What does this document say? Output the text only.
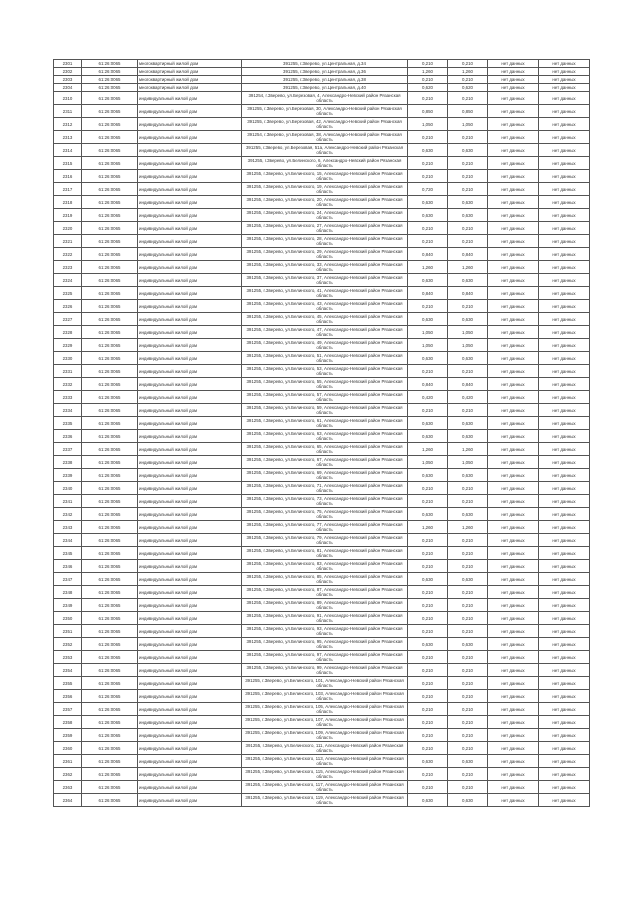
2301	61:26:0065	многоквартирный жилой дом	391255, г.Зверево, ул.Центральная, д.34	0,210	0,210	нет данных	нет данных
2302	61:26:0065	многоквартирный жилой дом	391255, г.Зверево, ул.Центральная, д.36	1,260	1,260	нет данных	нет данных
2303	61:26:0065	многоквартирный жилой дом	391255, г.Зверево, ул.Центральная, д.38	0,210	0,210	нет данных	нет данных
2304	61:26:0065	многоквартирный жилой дом	391255, г.Зверево, ул.Центральная, д.40	0,620	0,620	нет данных	нет данных
2310	61:26:0065	индивидуальный жилой дом	391254, г.Зверево, ул.Березовая, 4, Александро-Невский район Рязанская область	0,210	0,210	нет данных	нет данных
2311	61:26:0065	индивидуальный жилой дом	391255, г.Зверево, ул.Березовая, 30, Александро-Невский район Рязанская область	0,850	0,850	нет данных	нет данных
2312	61:26:0065	индивидуальный жилой дом	391255, г.Зверево, ул.Березовая, 42, Александро-Невский район Рязанская область	1,050	1,050	нет данных	нет данных
2313	61:26:0065	индивидуальный жилой дом	391254, г.Зверево, ул.Березовая, 38, Александро-Невский район Рязанская область	0,210	0,210	нет данных	нет данных
2314	61:26:0065	индивидуальный жилой дом	391255, г.Зверево, ул.Березовая, 51а, Александро-Невский район Рязанская область	0,630	0,630	нет данных	нет данных
2315	61:26:0065	индивидуальный жилой дом	391255, г.Зверево, ул.Белинского, 6, Александро-Невский район Рязанская область	0,210	0,210	нет данных	нет данных
2316	61:26:0065	индивидуальный жилой дом	391255, г.Зверево, ул.Белинского, 15, Александро-Невский район Рязанская область	0,210	0,210	нет данных	нет данных
2317	61:26:0065	индивидуальный жилой дом	391255, г.Зверево, ул.Белинского, 19, Александро-Невский район Рязанская область	0,720	0,210	нет данных	нет данных
2318	61:26:0065	индивидуальный жилой дом	391255, г.Зверево, ул.Белинского, 20, Александро-Невский район Рязанская область	0,630	0,630	нет данных	нет данных
2319	61:26:0065	индивидуальный жилой дом	391255, г.Зверево, ул.Белинского, 24, Александро-Невский район Рязанская область	0,630	0,630	нет данных	нет данных
2320	61:26:0065	индивидуальный жилой дом	391255, г.Зверево, ул.Белинского, 27, Александро-Невский район Рязанская область	0,210	0,210	нет данных	нет данных
2321	61:26:0065	индивидуальный жилой дом	391255, г.Зверево, ул.Белинского, 28, Александро-Невский район Рязанская область	0,210	0,210	нет данных	нет данных
2322	61:26:0065	индивидуальный жилой дом	391255, г.Зверево, ул.Белинского, 29, Александро-Невский район Рязанская область	0,840	0,840	нет данных	нет данных
2323	61:26:0065	индивидуальный жилой дом	391255, г.Зверево, ул.Белинского, 33, Александро-Невский район Рязанская область	1,260	1,260	нет данных	нет данных
2324	61:26:0065	индивидуальный жилой дом	391255, г.Зверево, ул.Белинского, 37, Александро-Невский район Рязанская область	0,630	0,630	нет данных	нет данных
2325	61:26:0065	индивидуальный жилой дом	391255, г.Зверево, ул.Белинского, 41, Александро-Невский район Рязанская область	0,840	0,840	нет данных	нет данных
2326	61:26:0065	индивидуальный жилой дом	391255, г.Зверево, ул.Белинского, 43, Александро-Невский район Рязанская область	0,210	0,210	нет данных	нет данных
2327	61:26:0065	индивидуальный жилой дом	391255, г.Зверево, ул.Белинского, 45, Александро-Невский район Рязанская область	0,630	0,630	нет данных	нет данных
2328	61:26:0065	индивидуальный жилой дом	391255, г.Зверево, ул.Белинского, 47, Александро-Невский район Рязанская область	1,050	1,050	нет данных	нет данных
2329	61:26:0065	индивидуальный жилой дом	391255, г.Зверево, ул.Белинского, 49, Александро-Невский район Рязанская область	1,050	1,050	нет данных	нет данных
2330	61:26:0065	индивидуальный жилой дом	391255, г.Зверево, ул.Белинского, 51, Александро-Невский район Рязанская область	0,630	0,630	нет данных	нет данных
2331	61:26:0065	индивидуальный жилой дом	391255, г.Зверево, ул.Белинского, 53, Александро-Невский район Рязанская область	0,210	0,210	нет данных	нет данных
2332	61:26:0065	индивидуальный жилой дом	391255, г.Зверево, ул.Белинского, 55, Александро-Невский район Рязанская область	0,840	0,840	нет данных	нет данных
2333	61:26:0065	индивидуальный жилой дом	391255, г.Зверево, ул.Белинского, 57, Александро-Невский район Рязанская область	0,420	0,420	нет данных	нет данных
2334	61:26:0065	индивидуальный жилой дом	391255, г.Зверево, ул.Белинского, 59, Александро-Невский район Рязанская область	0,210	0,210	нет данных	нет данных
2335	61:26:0065	индивидуальный жилой дом	391255, г.Зверево, ул.Белинского, 61, Александро-Невский район Рязанская область	0,630	0,630	нет данных	нет данных
2336	61:26:0065	индивидуальный жилой дом	391255, г.Зверево, ул.Белинского, 63, Александро-Невский район Рязанская область	0,630	0,630	нет данных	нет данных
2337	61:26:0065	индивидуальный жилой дом	391255, г.Зверево, ул.Белинского, 65, Александро-Невский район Рязанская область	1,260	1,260	нет данных	нет данных
2338	61:26:0065	индивидуальный жилой дом	391255, г.Зверево, ул.Белинского, 67, Александро-Невский район Рязанская область	1,050	1,050	нет данных	нет данных
2339	61:26:0065	индивидуальный жилой дом	391255, г.Зверево, ул.Белинского, 69, Александро-Невский район Рязанская область	0,630	0,630	нет данных	нет данных
2340	61:26:0065	индивидуальный жилой дом	391255, г.Зверево, ул.Белинского, 71, Александро-Невский район Рязанская область	0,210	0,210	нет данных	нет данных
2341	61:26:0065	индивидуальный жилой дом	391255, г.Зверево, ул.Белинского, 73, Александро-Невский район Рязанская область	0,210	0,210	нет данных	нет данных
2342	61:26:0065	индивидуальный жилой дом	391255, г.Зверево, ул.Белинского, 75, Александро-Невский район Рязанская область	0,630	0,630	нет данных	нет данных
2343	61:26:0065	индивидуальный жилой дом	391255, г.Зверево, ул.Белинского, 77, Александро-Невский район Рязанская область	1,260	1,260	нет данных	нет данных
2344	61:26:0065	индивидуальный жилой дом	391255, г.Зверево, ул.Белинского, 79, Александро-Невский район Рязанская область	0,210	0,210	нет данных	нет данных
2345	61:26:0065	индивидуальный жилой дом	391255, г.Зверево, ул.Белинского, 81, Александро-Невский район Рязанская область	0,210	0,210	нет данных	нет данных
2346	61:26:0065	индивидуальный жилой дом	391255, г.Зверево, ул.Белинского, 83, Александро-Невский район Рязанская область	0,210	0,210	нет данных	нет данных
2347	61:26:0065	индивидуальный жилой дом	391255, г.Зверево, ул.Белинского, 85, Александро-Невский район Рязанская область	0,630	0,630	нет данных	нет данных
2348	61:26:0065	индивидуальный жилой дом	391255, г.Зверево, ул.Белинского, 87, Александро-Невский район Рязанская область	0,210	0,210	нет данных	нет данных
2349	61:26:0065	индивидуальный жилой дом	391255, г.Зверево, ул.Белинского, 89, Александро-Невский район Рязанская область	0,210	0,210	нет данных	нет данных
2350	61:26:0065	индивидуальный жилой дом	391255, г.Зверево, ул.Белинского, 91, Александро-Невский район Рязанская область	0,210	0,210	нет данных	нет данных
2351	61:26:0065	индивидуальный жилой дом	391255, г.Зверево, ул.Белинского, 93, Александро-Невский район Рязанская область	0,210	0,210	нет данных	нет данных
2352	61:26:0065	индивидуальный жилой дом	391255, г.Зверево, ул.Белинского, 95, Александро-Невский район Рязанская область	0,630	0,630	нет данных	нет данных
2353	61:26:0065	индивидуальный жилой дом	391255, г.Зверево, ул.Белинского, 97, Александро-Невский район Рязанская область	0,210	0,210	нет данных	нет данных
2354	61:26:0065	индивидуальный жилой дом	391255, г.Зверево, ул.Белинского, 99, Александро-Невский район Рязанская область	0,210	0,210	нет данных	нет данных
2355	61:26:0065	индивидуальный жилой дом	391255, г.Зверево, ул.Белинского, 101, Александро-Невский район Рязанская область	0,210	0,210	нет данных	нет данных
2356	61:26:0065	индивидуальный жилой дом	391255, г.Зверево, ул.Белинского, 103, Александро-Невский район Рязанская область	0,210	0,210	нет данных	нет данных
2357	61:26:0065	индивидуальный жилой дом	391255, г.Зверево, ул.Белинского, 105, Александро-Невский район Рязанская область	0,210	0,210	нет данных	нет данных
2358	61:26:0065	индивидуальный жилой дом	391255, г.Зверево, ул.Белинского, 107, Александро-Невский район Рязанская область	0,210	0,210	нет данных	нет данных
2359	61:26:0065	индивидуальный жилой дом	391255, г.Зверево, ул.Белинского, 109, Александро-Невский район Рязанская область	0,210	0,210	нет данных	нет данных
2360	61:26:0065	индивидуальный жилой дом	391255, г.Зверево, ул.Белинского, 111, Александро-Невский район Рязанская область	0,210	0,210	нет данных	нет данных
2361	61:26:0065	индивидуальный жилой дом	391255, г.Зверево, ул.Белинского, 113, Александро-Невский район Рязанская область	0,630	0,630	нет данных	нет данных
2362	61:26:0065	индивидуальный жилой дом	391255, г.Зверево, ул.Белинского, 115, Александро-Невский район Рязанская область	0,210	0,210	нет данных	нет данных
2363	61:26:0065	индивидуальный жилой дом	391255, г.Зверево, ул.Белинского, 117, Александро-Невский район Рязанская область	0,210	0,210	нет данных	нет данных
2364	61:26:0065	индивидуальный жилой дом	391255, г.Зверево, ул.Белинского, 119, Александро-Невский район Рязанская область	0,630	0,630	нет данных	нет данных
